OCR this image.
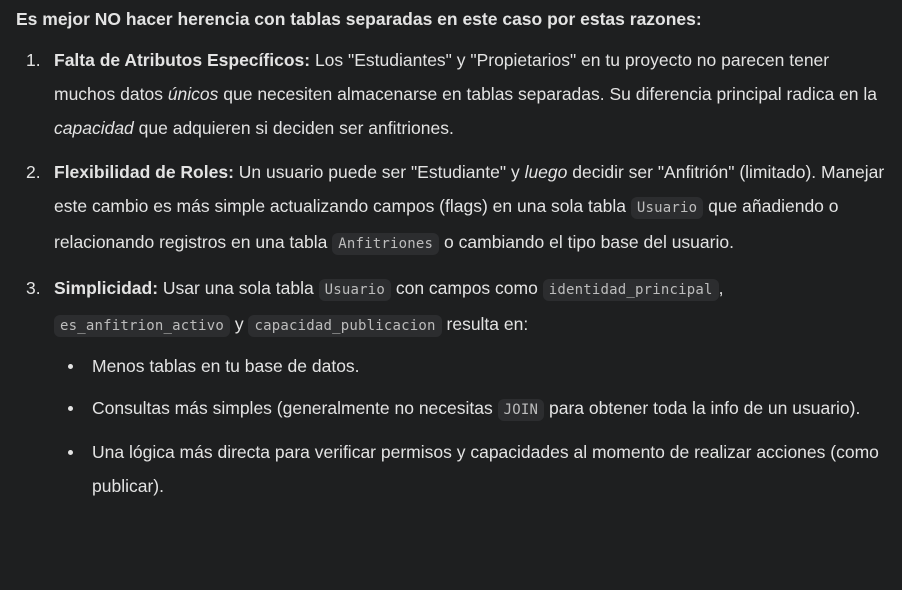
Es mejor NO hacer herencia con tablas separadas en este caso por estas razones:

1. Falta de Atributos Específicos: Los "Estudiantes" y "Propietarios" en tu proyecto no parecen tener muchos datos únicos que necesiten almacenarse en tablas separadas. Su diferencia principal radica en la capacidad que adquieren si deciden ser anfitriones.
2. Flexibilidad de Roles: Un usuario puede ser "Estudiante" y luego decidir ser "Anfitrión" (limitado). Manejar este cambio es más simple actualizando campos (flags) en una sola tabla Usuario que añadiendo o relacionando registros en una tabla Anfitriones o cambiando el tipo base del usuario.
3. Simplicidad: Usar una sola tabla Usuario con campos como identidad_principal , es_anfitrion_activo y capacidad_publicacion resulta en:
Menos tablas en tu base de datos.
Consultas más simples (generalmente no necesitas JOIN para obtener toda la info de un usuario).
Una lógica más directa para verificar permisos y capacidades al momento de realizar acciones (como publicar).
